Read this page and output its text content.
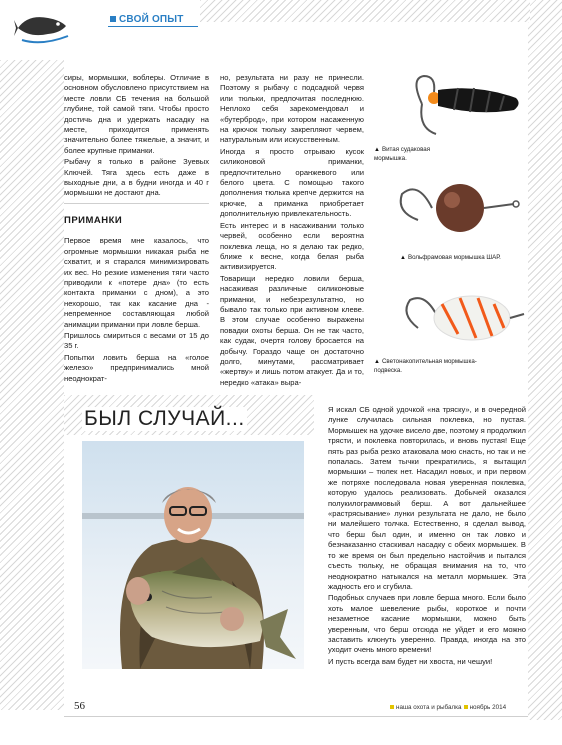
СВОЙ ОПЫТ

сиры, мормышки, воблеры. Отличие в основном обусловлено присутствием на месте ловли СБ течения на большой глубине, той самой тяги. Чтобы просто достичь дна и удержать насадку на месте, приходится применять значительно более тяжелые, а значит, и более крупные приманки.

Рыбачу я только в районе Зуевых Ключей. Тяга здесь есть даже в выходные дни, а в будни иногда и 40 г мормышки не достают дна.

ПРИМАНКИ

Первое время мне казалось, что огромные мормышки никакая рыба не схватит, и я старался минимизировать их вес. Но резкие изменения тяги часто приводили к «потере дна» (то есть контакта приманки с дном), а это нехорошо, так как касание дна - непременное составляющая любой анимации приманки при ловле берша.

Пришлось смириться с весами от 15 до 35 г.

Попытки ловить берша на «голое железо» предпринимались мной неоднократ-

но, результата ни разу не принесли. Поэтому я рыбачу с подсадкой червя или тюльки, предпочитая последнюю. Неплохо себя зарекомендовал и «бутерброд», при котором насаженную на крючок тюльку закрепляют червем, натуральным или искусственным.

Иногда я просто отрываю кусок силиконовой приманки, предпочтительно оранжевого или белого цвета. С помощью такого дополнения тюлька крепче держится на крючке, а приманка приобретает дополнительную привлекательность.

Есть интерес и в насаживании только червей, особенно если вероятна поклевка леща, но я делаю так редко, ближе к весне, когда белая рыба активизируется.

Товарищи нередко ловили берша, насаживая различные силиконовые приманки, и небезрезультатно, но бывало так только при активном клеве. В этом случае особенно выражены повадки охоты берша. Он не так часто, как судак, очертя голову бросается на добычу. Гораздо чаще он достаточно долго, минутами, рассматривает «жертву» и лишь потом атакует. Да и то, нередко «атака» выра-

▲ Витая судаковая мормышка.
▲ Вольфрамовая мормышка ШАР.
▲ Светонакопительная мормышка-подвеска.
БЫЛ СЛУЧАЙ...	Я искал СБ одной удочкой «на тряску», и в очередной лунке случилась сильная поклевка, но пустая. Мормышек на удочке висело две, поэтому я продолжил трясти, и поклевка повторилась, и вновь пустая! Еще пять раз рыба резко атаковала мою снасть, но так и не попалась. Затем тычки прекратились, я вытащил мормышки – тюлек нет. Насадил новых, и при первом же потряхе последовала новая уверенная поклевка, которую удалось реализовать. Добычей оказался полукилограммовый берш. А вот дальнейшее «растрясывание» лунки результата не дало, не было ни малейшего толчка. Естественно, я сделал вывод, что берш был один, и именно он так ловко и безнаказанно стаскивал насадку с обеих мормышек. В то же время он был предельно настойчив и пытался съесть тюльку, не обращая внимания на то, что неоднократно натыкался на металл мормышек. Эта жадность его и сгубила.

Подобных случаев при ловле берша много. Если было хоть малое шевеление рыбы, короткое и почти незаметное касание мормышки, можно быть уверенным, что берш отсюда не уйдет и его можно заставить клюнуть уверенно. Правда, иногда на это уходит очень много времени!

И пусть всегда вам будет ни хвоста, ни чешуи!

56	наша охота и рыбалка ноябрь 2014
